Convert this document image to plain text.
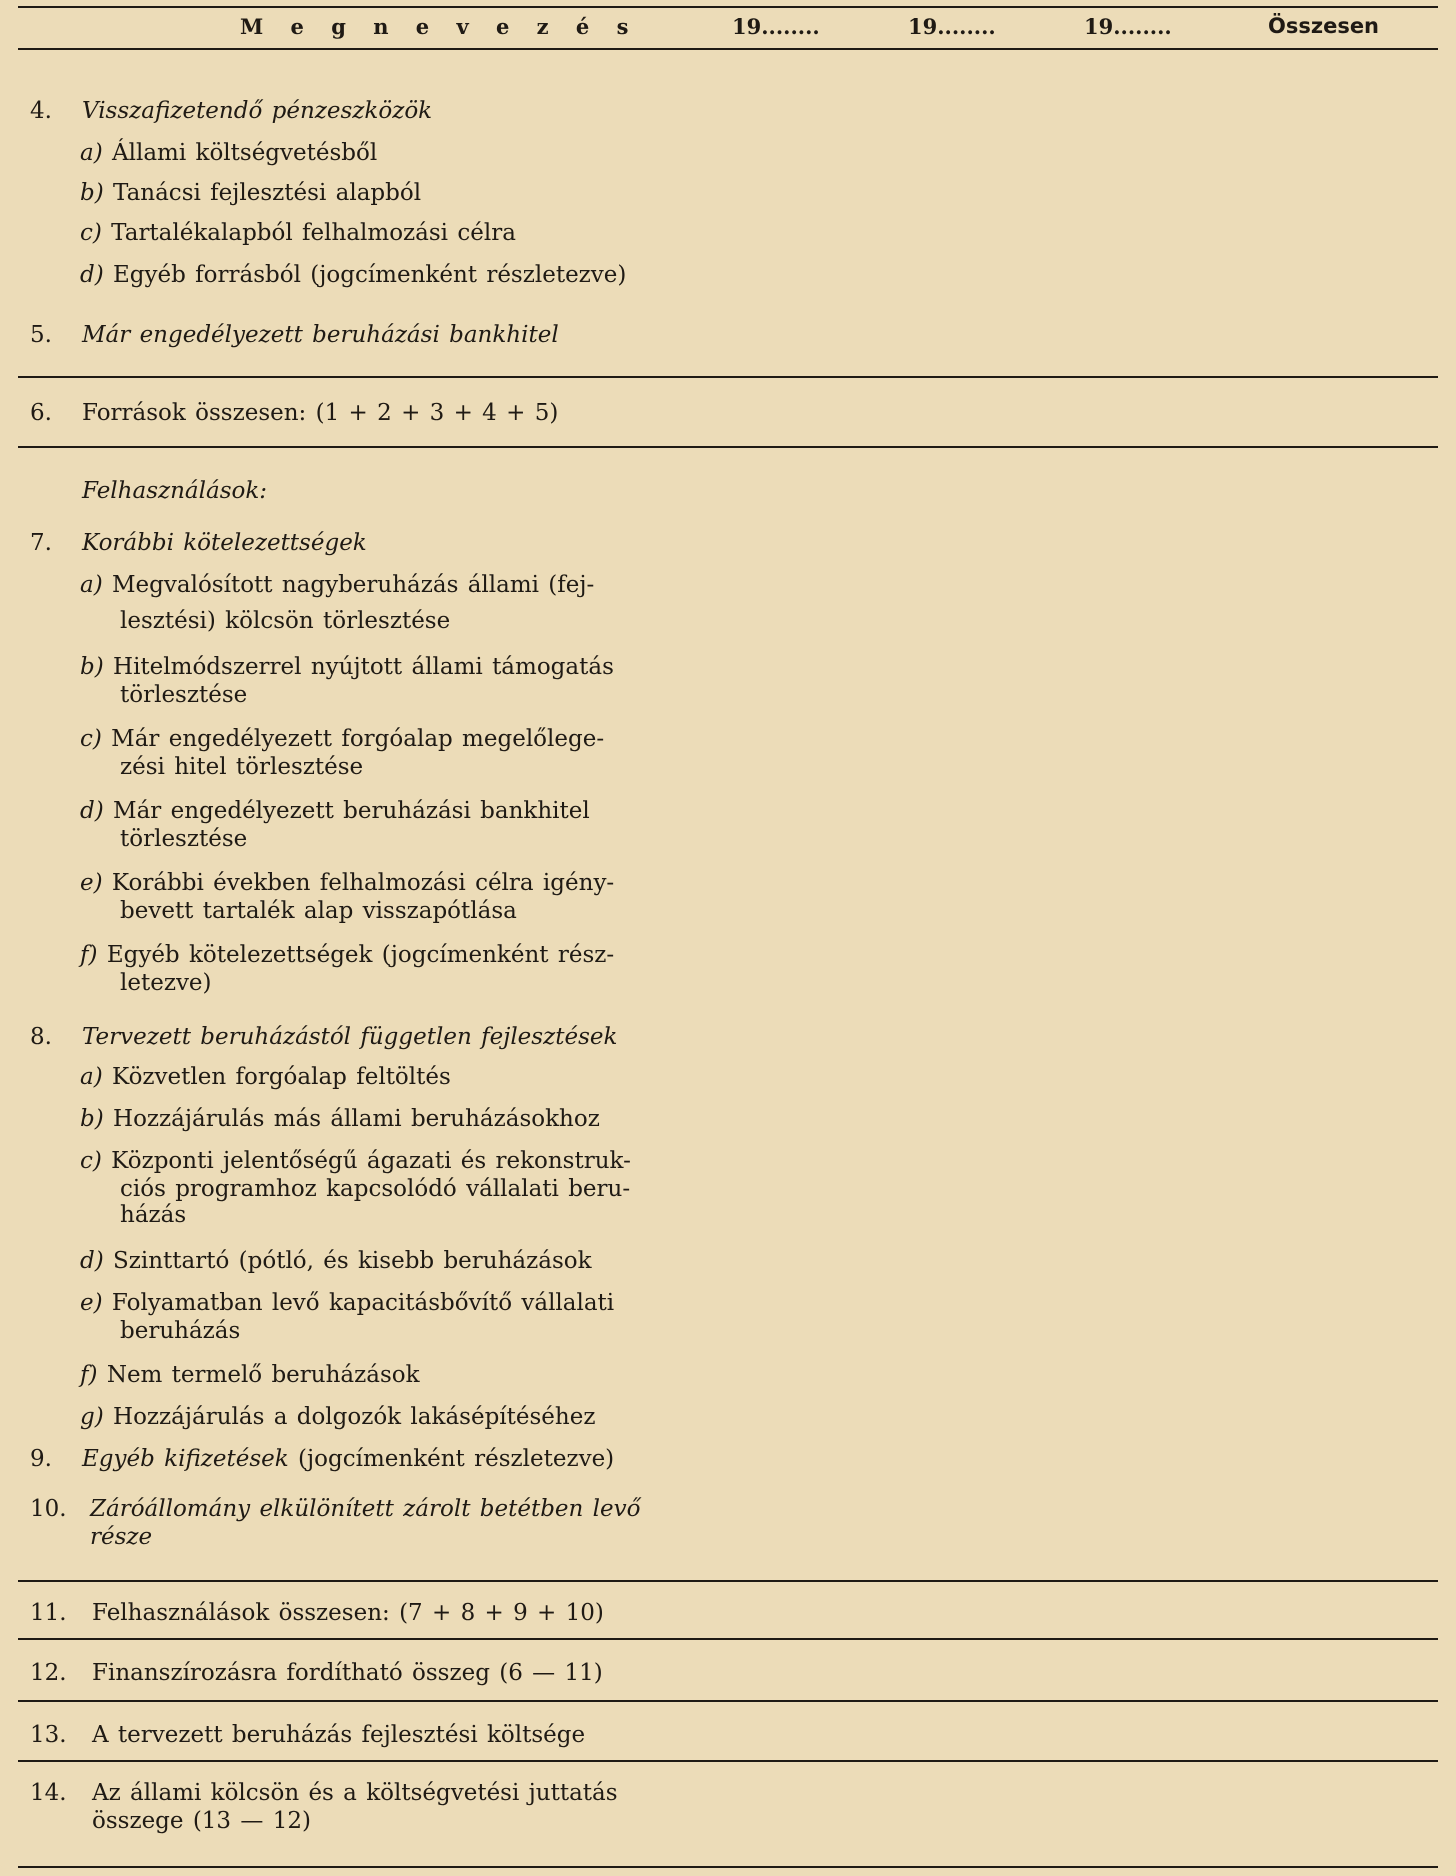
M e g n e v e z é s	19........	19........	19........	Összesen
4.	Visszafizetendő pénzeszközök
a) Állami költségvetésből
b) Tanácsi fejlesztési alapból
c) Tartalékalapból felhalmozási célra
d) Egyéb forrásból (jogcímenként részletezve)
5.	Már engedélyezett beruházási bankhitel
6.	Források összesen: (1 + 2 + 3 + 4 + 5)
Felhasználások:
7.	Korábbi kötelezettségek
a) Megvalósított nagyberuházás állami (fej-
lesztési) kölcsön törlesztése
b) Hitelmódszerrel nyújtott állami támogatás
törlesztése
c) Már engedélyezett forgóalap megelőlege-
zési hitel törlesztése
d) Már engedélyezett beruházási bankhitel
törlesztése
e) Korábbi években felhalmozási célra igény-
bevett tartalék alap visszapótlása
f) Egyéb kötelezettségek (jogcímenként rész-
letezve)
8.	Tervezett beruházástól független fejlesztések
a) Közvetlen forgóalap feltöltés
b) Hozzájárulás más állami beruházásokhoz
c) Központi jelentőségű ágazati és rekonstruk-
ciós programhoz kapcsolódó vállalati beru-
házás
d) Szinttartó (pótló, és kisebb beruházások
e) Folyamatban levő kapacitásbővítő vállalati
beruházás
f) Nem termelő beruházások
g) Hozzájárulás a dolgozók lakásépítéséhez
9.	Egyéb kifizetések (jogcímenként részletezve)
10. Záróállomány elkülönített zárolt betétben levő
része
11. Felhasználások összesen: (7 + 8 + 9 + 10)
12. Finanszírozásra fordítható összeg (6 — 11)
13. A tervezett beruházás fejlesztési költsége
14. Az állami kölcsön és a költségvetési juttatás
összege (13 — 12)
